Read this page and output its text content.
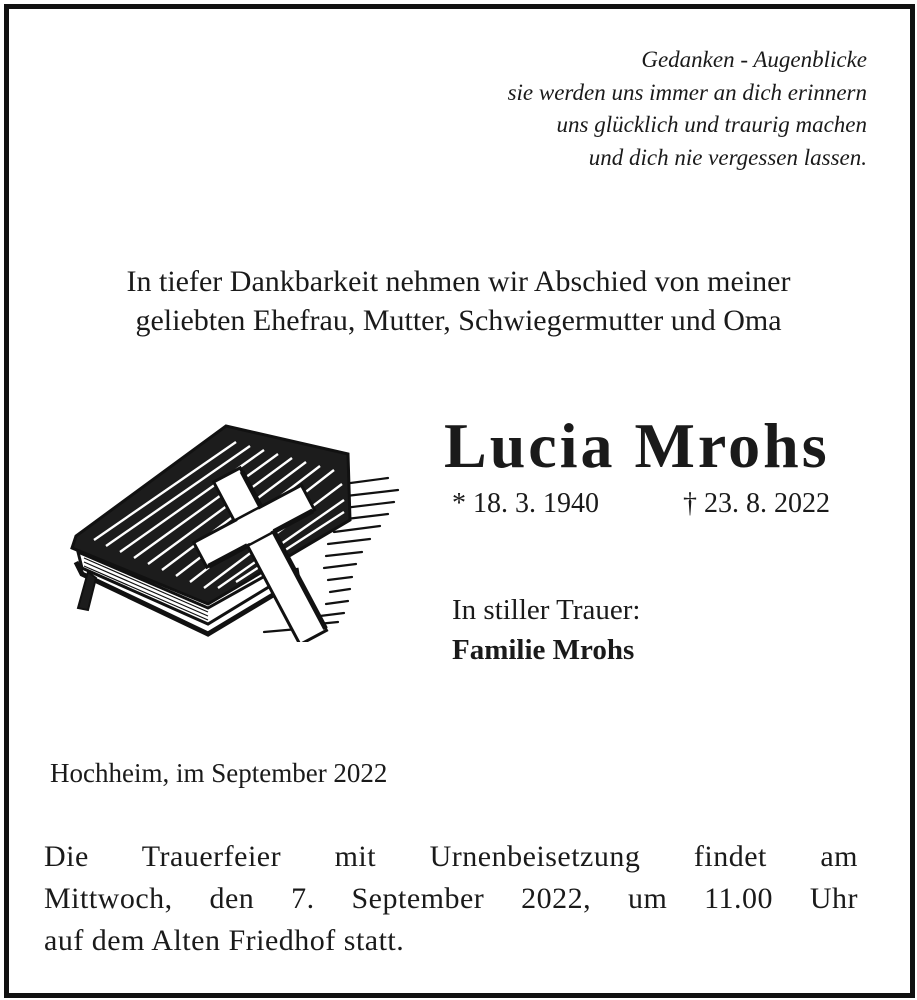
Gedanken - Augenblicke
sie werden uns immer an dich erinnern
uns glücklich und traurig machen
und dich nie vergessen lassen.
In tiefer Dankbarkeit nehmen wir Abschied von meiner
geliebten Ehefrau, Mutter, Schwiegermutter und Oma
Lucia Mrohs
* 18. 3. 1940	† 23. 8. 2022
In stiller Trauer:
Familie Mrohs
Hochheim, im September 2022
Die Trauerfeier mit Urnenbeisetzung findet am
Mittwoch, den 7. September 2022, um 11.00 Uhr
auf dem Alten Friedhof statt.
